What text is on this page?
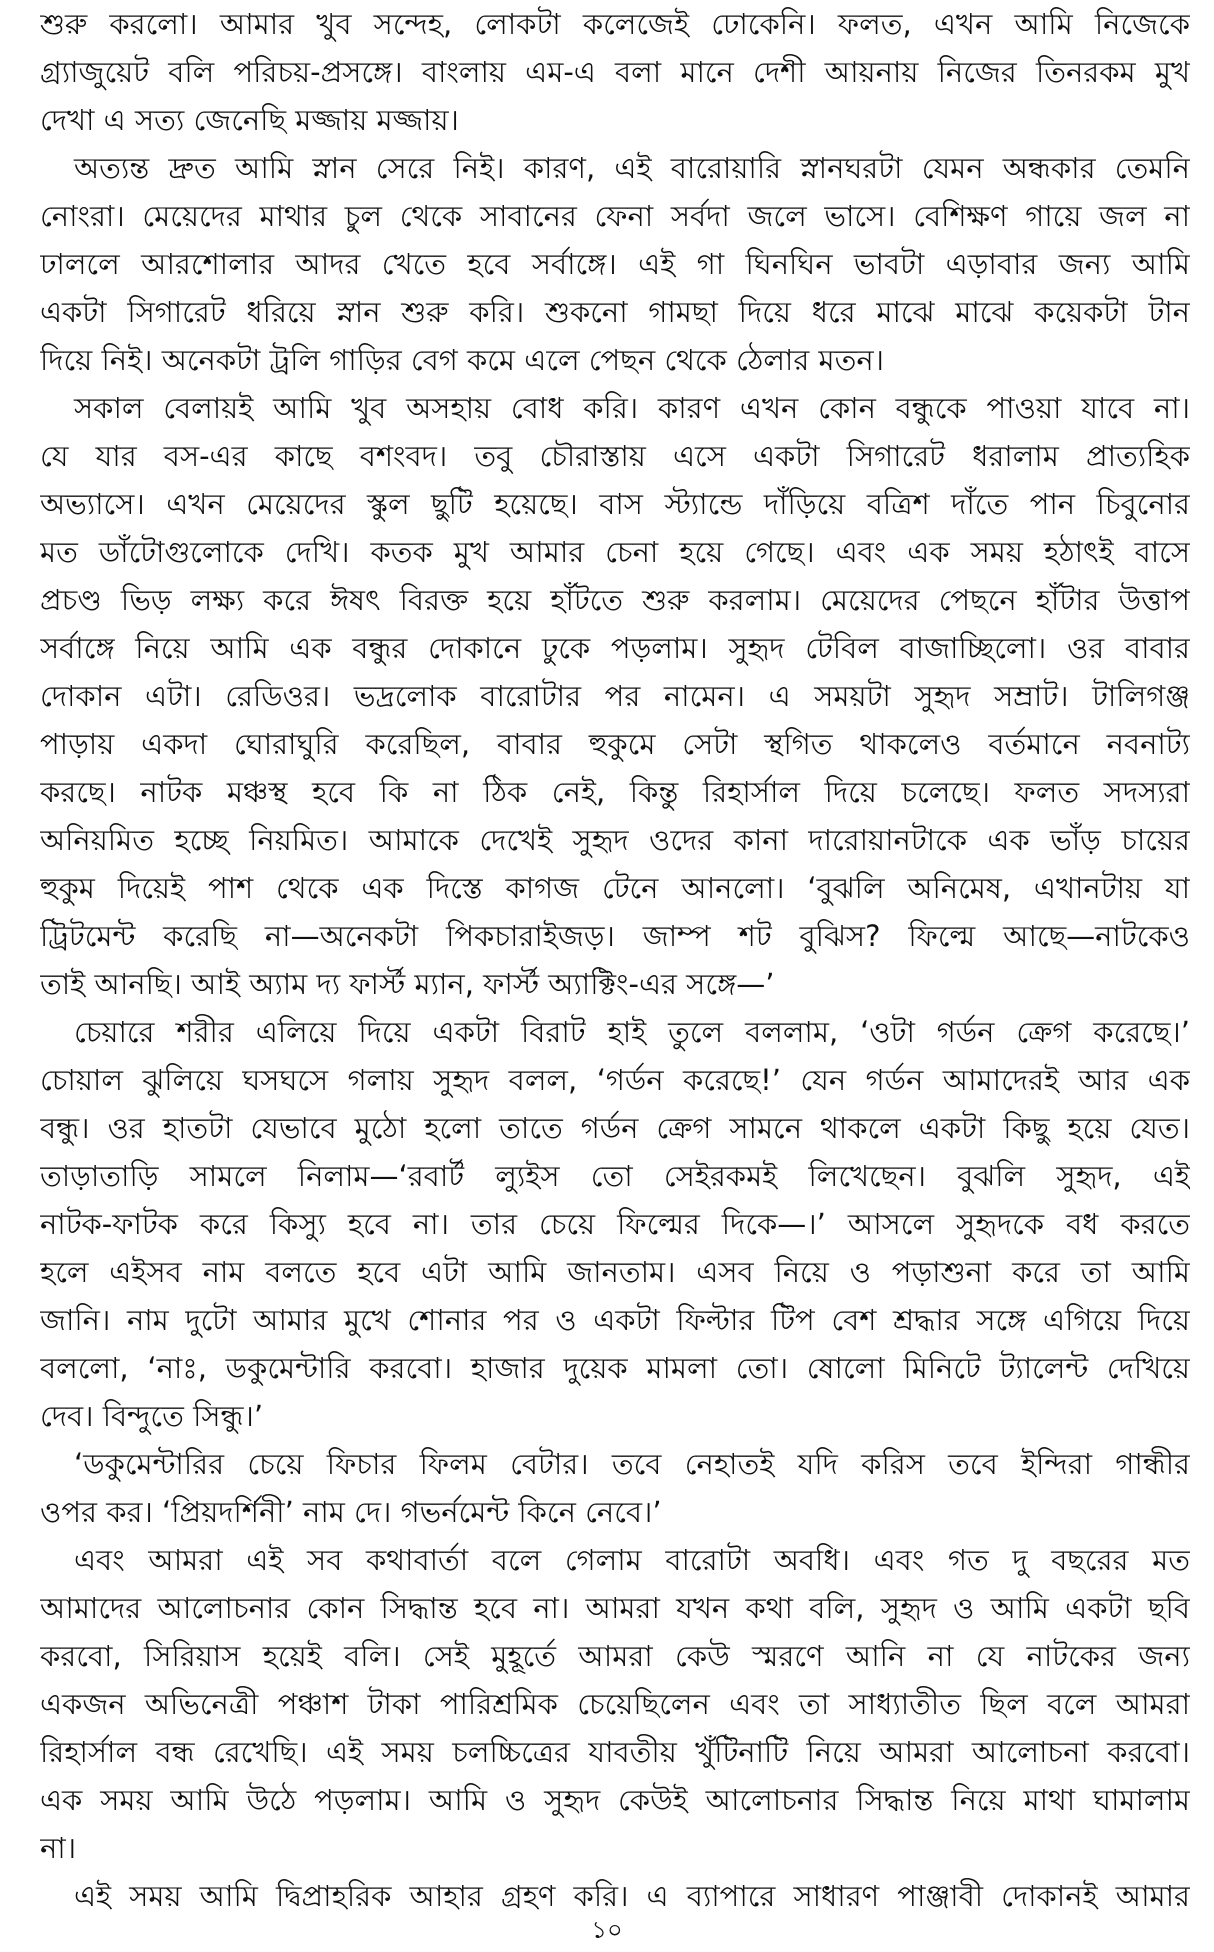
শুরু করলো। আমার খুব সন্দেহ, লোকটা কলেজেই ঢোকেনি। ফলত, এখন আমি নিজেকে
গ্র্যাজুয়েট বলি পরিচয়-প্রসঙ্গে। বাংলায় এম-এ বলা মানে দেশী আয়নায় নিজের তিনরকম মুখ
দেখা এ সত্য জেনেছি মজ্জায় মজ্জায়।
অত্যন্ত দ্রুত আমি স্নান সেরে নিই। কারণ, এই বারোয়ারি স্নানঘরটা যেমন অন্ধকার তেমনি
নোংরা। মেয়েদের মাথার চুল থেকে সাবানের ফেনা সর্বদা জলে ভাসে। বেশিক্ষণ গায়ে জল না
ঢাললে আরশোলার আদর খেতে হবে সর্বাঙ্গে। এই গা ঘিনঘিন ভাবটা এড়াবার জন্য আমি
একটা সিগারেট ধরিয়ে স্নান শুরু করি। শুকনো গামছা দিয়ে ধরে মাঝে মাঝে কয়েকটা টান
দিয়ে নিই। অনেকটা ট্রলি গাড়ির বেগ কমে এলে পেছন থেকে ঠেলার মতন।
সকাল বেলায়ই আমি খুব অসহায় বোধ করি। কারণ এখন কোন বন্ধুকে পাওয়া যাবে না।
যে যার বস-এর কাছে বশংবদ। তবু চৌরাস্তায় এসে একটা সিগারেট ধরালাম প্রাত্যহিক
অভ্যাসে। এখন মেয়েদের স্কুল ছুটি হয়েছে। বাস স্ট্যান্ডে দাঁড়িয়ে বত্রিশ দাঁতে পান চিবুনোর
মত ডাঁটোগুলোকে দেখি। কতক মুখ আমার চেনা হয়ে গেছে। এবং এক সময় হঠাৎই বাসে
প্রচণ্ড ভিড় লক্ষ্য করে ঈষৎ বিরক্ত হয়ে হাঁটতে শুরু করলাম। মেয়েদের পেছনে হাঁটার উত্তাপ
সর্বাঙ্গে নিয়ে আমি এক বন্ধুর দোকানে ঢুকে পড়লাম। সুহৃদ টেবিল বাজাচ্ছিলো। ওর বাবার
দোকান এটা। রেডিওর। ভদ্রলোক বারোটার পর নামেন। এ সময়টা সুহৃদ সম্রাট। টালিগঞ্জ
পাড়ায় একদা ঘোরাঘুরি করেছিল, বাবার হুকুমে সেটা স্থগিত থাকলেও বর্তমানে নবনাট্য
করছে। নাটক মঞ্চস্থ হবে কি না ঠিক নেই, কিন্তু রিহার্সাল দিয়ে চলেছে। ফলত সদস্যরা
অনিয়মিত হচ্ছে নিয়মিত। আমাকে দেখেই সুহৃদ ওদের কানা দারোয়ানটাকে এক ভাঁড় চায়ের
হুকুম দিয়েই পাশ থেকে এক দিস্তে কাগজ টেনে আনলো। ‘বুঝলি অনিমেষ, এখানটায় যা
ট্রিটমেন্ট করেছি না—অনেকটা পিকচারাইজড়। জাম্প শট বুঝিস? ফিল্মে আছে—নাটকেও
তাই আনছি। আই অ্যাম দ্য ফার্স্ট ম্যান, ফার্স্ট অ্যাক্টিং-এর সঙ্গে—’
চেয়ারে শরীর এলিয়ে দিয়ে একটা বিরাট হাই তুলে বললাম, ‘ওটা গর্ডন ক্রেগ করেছে।’
চোয়াল ঝুলিয়ে ঘসঘসে গলায় সুহৃদ বলল, ‘গর্ডন করেছে!’ যেন গর্ডন আমাদেরই আর এক
বন্ধু। ওর হাতটা যেভাবে মুঠো হলো তাতে গর্ডন ক্রেগ সামনে থাকলে একটা কিছু হয়ে যেত।
তাড়াতাড়ি সামলে নিলাম—‘রবার্ট ল্যুইস তো সেইরকমই লিখেছেন। বুঝলি সুহৃদ, এই
নাটক-ফাটক করে কিস্যু হবে না। তার চেয়ে ফিল্মের দিকে—।’ আসলে সুহৃদকে বধ করতে
হলে এইসব নাম বলতে হবে এটা আমি জানতাম। এসব নিয়ে ও পড়াশুনা করে তা আমি
জানি। নাম দুটো আমার মুখে শোনার পর ও একটা ফিল্টার টিপ বেশ শ্রদ্ধার সঙ্গে এগিয়ে দিয়ে
বললো, ‘নাঃ, ডকুমেন্টারি করবো। হাজার দুয়েক মামলা তো। ষোলো মিনিটে ট্যালেন্ট দেখিয়ে
দেব। বিন্দুতে সিন্ধু।’
‘ডকুমেন্টারির চেয়ে ফিচার ফিলম বেটার। তবে নেহাতই যদি করিস তবে ইন্দিরা গান্ধীর
ওপর কর। ‘প্রিয়দর্শিনী’ নাম দে। গভর্নমেন্ট কিনে নেবে।’
এবং আমরা এই সব কথাবার্তা বলে গেলাম বারোটা অবধি। এবং গত দু বছরের মত
আমাদের আলোচনার কোন সিদ্ধান্ত হবে না। আমরা যখন কথা বলি, সুহৃদ ও আমি একটা ছবি
করবো, সিরিয়াস হয়েই বলি। সেই মুহূর্তে আমরা কেউ স্মরণে আনি না যে নাটকের জন্য
একজন অভিনেত্রী পঞ্চাশ টাকা পারিশ্রমিক চেয়েছিলেন এবং তা সাধ্যাতীত ছিল বলে আমরা
রিহার্সাল বন্ধ রেখেছি। এই সময় চলচ্চিত্রের যাবতীয় খুঁটিনাটি নিয়ে আমরা আলোচনা করবো।
এক সময় আমি উঠে পড়লাম। আমি ও সুহৃদ কেউই আলোচনার সিদ্ধান্ত নিয়ে মাথা ঘামালাম
না।
এই সময় আমি দ্বিপ্রাহরিক আহার গ্রহণ করি। এ ব্যাপারে সাধারণ পাঞ্জাবী দোকানই আমার
১০
